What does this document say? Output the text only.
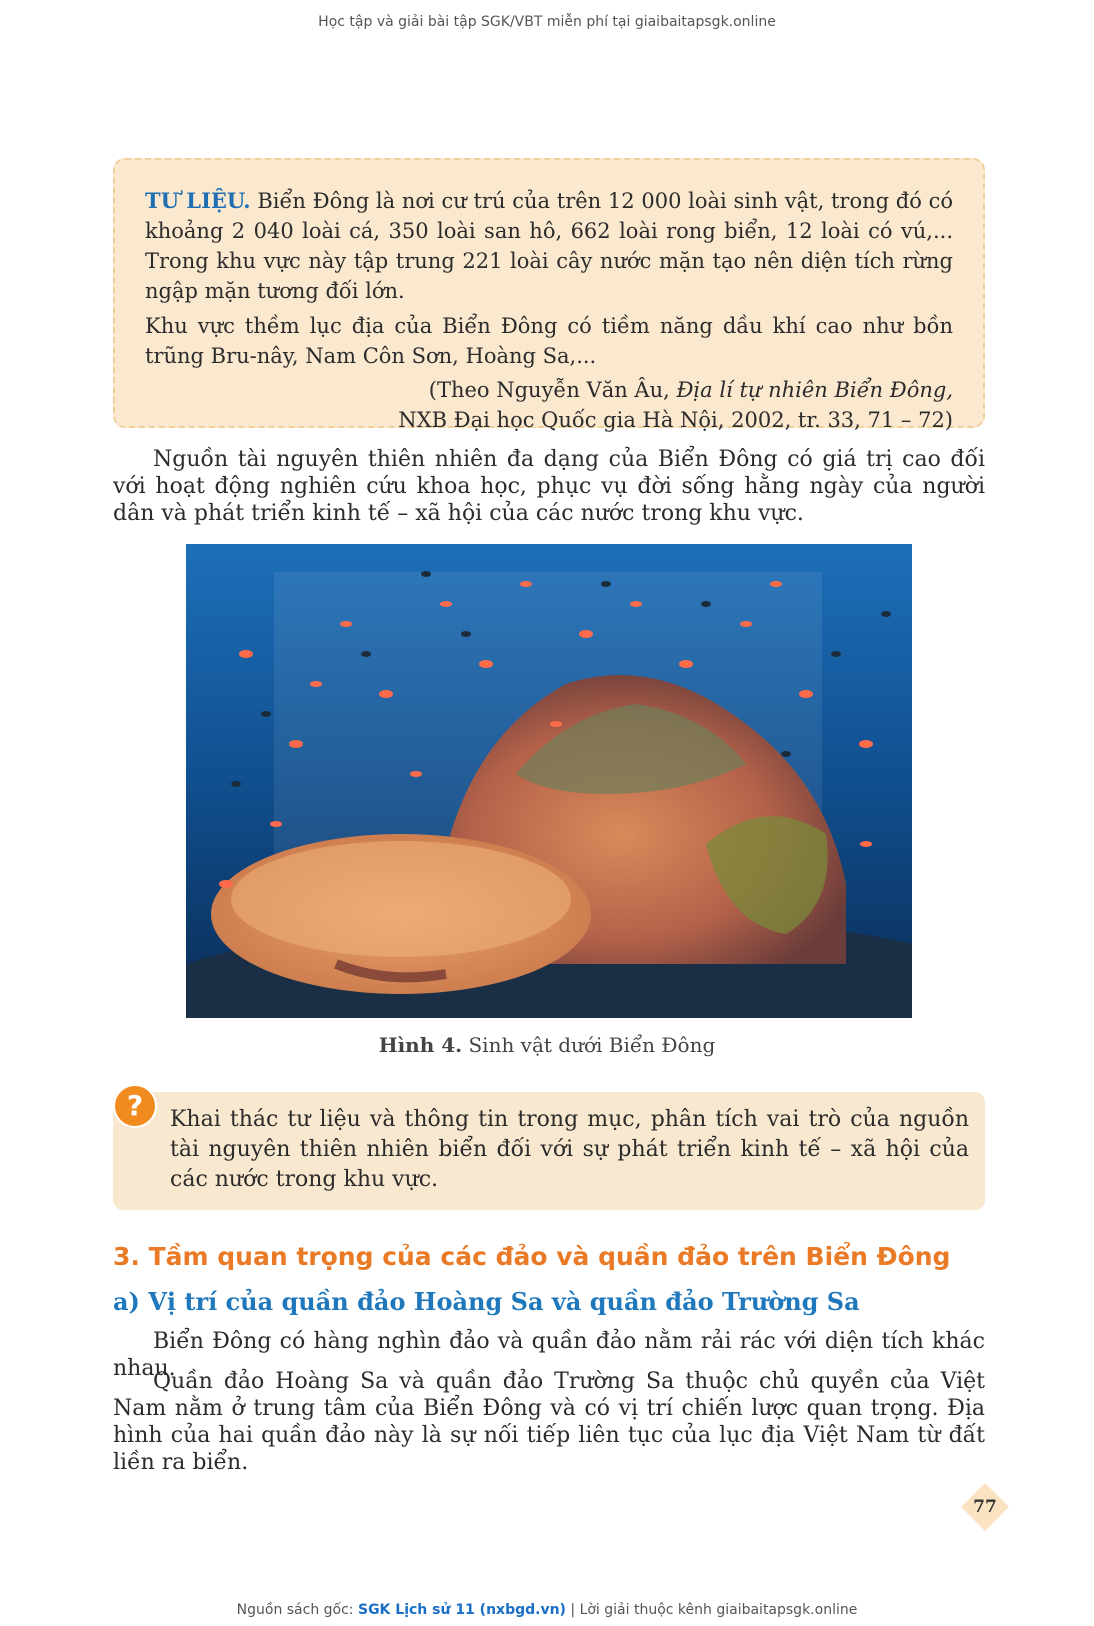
Học tập và giải bài tập SGK/VBT miễn phí tại giaibaitapsgk.online

TƯ LIỆU. Biển Đông là nơi cư trú của trên 12 000 loài sinh vật, trong đó có khoảng 2 040 loài cá, 350 loài san hô, 662 loài rong biển, 12 loài có vú,... Trong khu vực này tập trung 221 loài cây nước mặn tạo nên diện tích rừng ngập mặn tương đối lớn.

Khu vực thềm lục địa của Biển Đông có tiềm năng dầu khí cao như bồn trũng Bru-nây, Nam Côn Sơn, Hoàng Sa,...

(Theo Nguyễn Văn Âu, Địa lí tự nhiên Biển Đông,
NXB Đại học Quốc gia Hà Nội, 2002, tr. 33, 71 – 72)

Nguồn tài nguyên thiên nhiên đa dạng của Biển Đông có giá trị cao đối với hoạt động nghiên cứu khoa học, phục vụ đời sống hằng ngày của người dân và phát triển kinh tế – xã hội của các nước trong khu vực.

Hình 4. Sinh vật dưới Biển Đông
?	Khai thác tư liệu và thông tin trong mục, phân tích vai trò của nguồn tài nguyên thiên nhiên biển đối với sự phát triển kinh tế – xã hội của các nước trong khu vực.
3. Tầm quan trọng của các đảo và quần đảo trên Biển Đông
a) Vị trí của quần đảo Hoàng Sa và quần đảo Trường Sa

Biển Đông có hàng nghìn đảo và quần đảo nằm rải rác với diện tích khác nhau.

Quần đảo Hoàng Sa và quần đảo Trường Sa thuộc chủ quyền của Việt Nam nằm ở trung tâm của Biển Đông và có vị trí chiến lược quan trọng. Địa hình của hai quần đảo này là sự nối tiếp liên tục của lục địa Việt Nam từ đất liền ra biển.

77
Nguồn sách gốc: SGK Lịch sử 11 (nxbgd.vn) | Lời giải thuộc kênh giaibaitapsgk.online
